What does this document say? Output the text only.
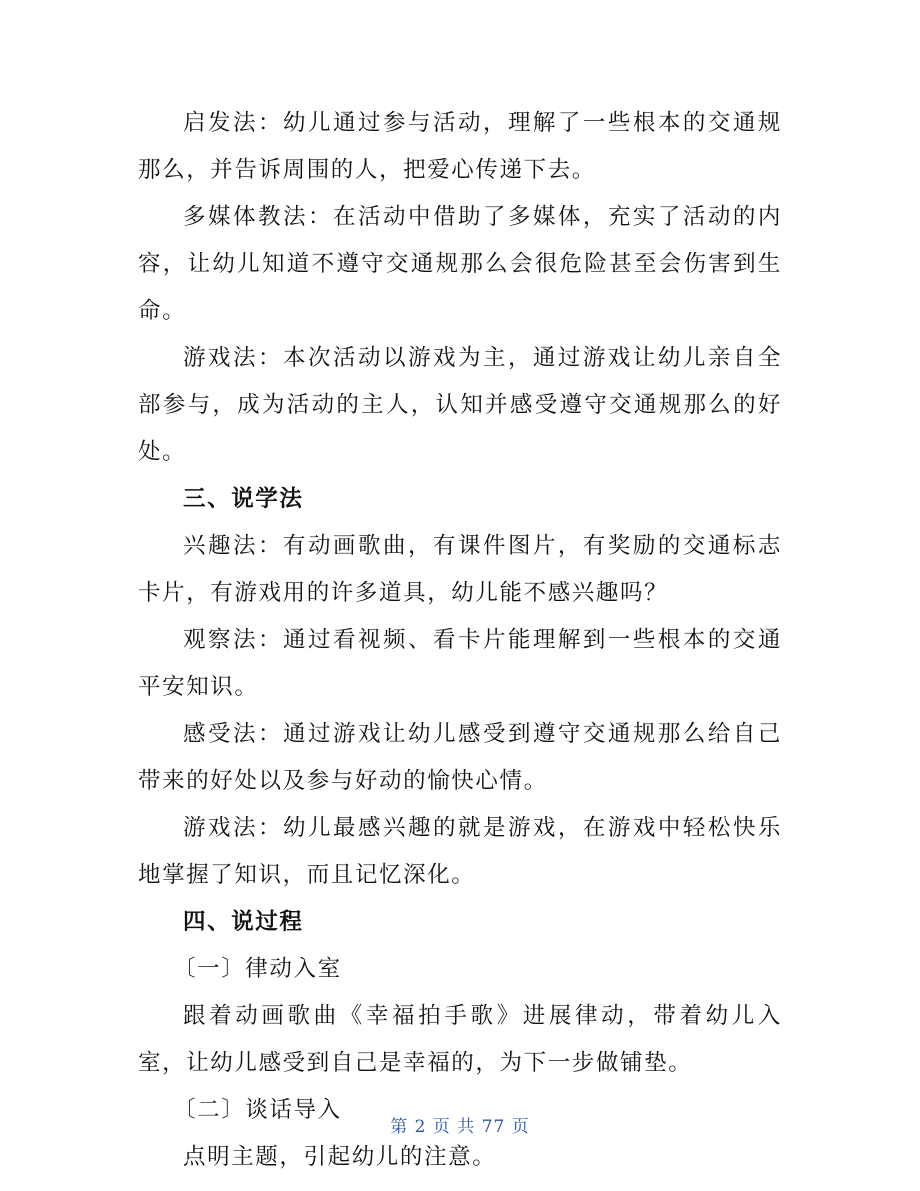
启发法：幼儿通过参与活动，理解了一些根本的交通规那么，并告诉周围的人，把爱心传递下去。

多媒体教法：在活动中借助了多媒体，充实了活动的内容，让幼儿知道不遵守交通规那么会很危险甚至会伤害到生命。

游戏法：本次活动以游戏为主，通过游戏让幼儿亲自全部参与，成为活动的主人，认知并感受遵守交通规那么的好处。

三、说学法

兴趣法：有动画歌曲，有课件图片，有奖励的交通标志卡片，有游戏用的许多道具，幼儿能不感兴趣吗？

观察法：通过看视频、看卡片能理解到一些根本的交通平安知识。

感受法：通过游戏让幼儿感受到遵守交通规那么给自己带来的好处以及参与好动的愉快心情。

游戏法：幼儿最感兴趣的就是游戏，在游戏中轻松快乐地掌握了知识，而且记忆深化。

四、说过程

〔一〕律动入室

跟着动画歌曲《幸福拍手歌》进展律动，带着幼儿入室，让幼儿感受到自己是幸福的，为下一步做铺垫。

〔二〕谈话导入

点明主题，引起幼儿的注意。

第 2 页 共 77 页
